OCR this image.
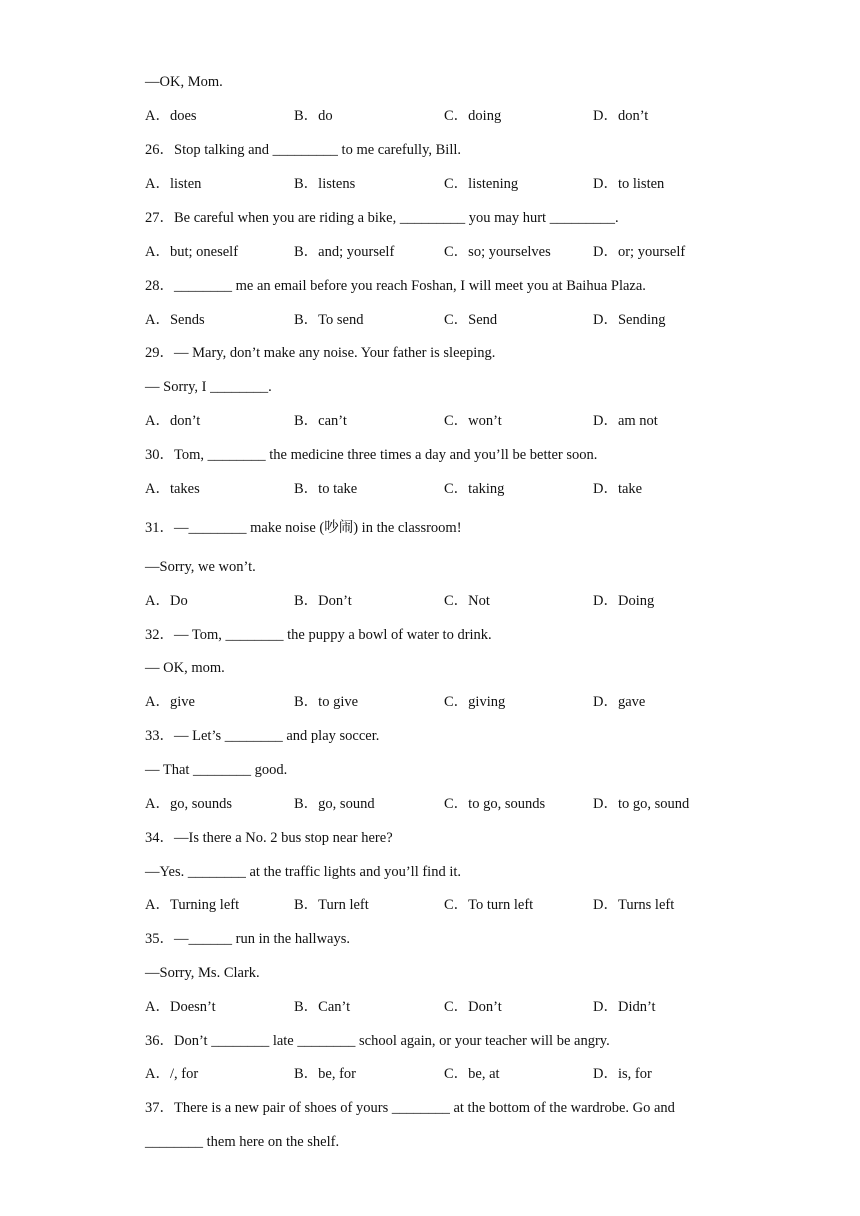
—OK, Mom.
A．does	B．do	C．doing	D．don’t
26．Stop talking and _________ to me carefully, Bill.
A．listen	B．listens	C．listening	D．to listen
27．Be careful when you are riding a bike, _________ you may hurt _________.
A．but; oneself	B．and; yourself	C．so; yourselves	D．or; yourself
28．________ me an email before you reach Foshan, I will meet you at Baihua Plaza.
A．Sends	B．To send	C．Send	D．Sending
29．— Mary, don’t make any noise. Your father is sleeping.
— Sorry, I ________.
A．don’t	B．can’t	C．won’t	D．am not
30．Tom, ________ the medicine three times a day and you’ll be better soon.
A．takes	B．to take	C．taking	D．take
31．—________ make noise (吵闹) in the classroom!
—Sorry, we won’t.
A．Do	B．Don’t	C．Not	D．Doing
32．— Tom, ________ the puppy a bowl of water to drink.
— OK, mom.
A．give	B．to give	C．giving	D．gave
33．— Let’s ________ and play soccer.
— That ________ good.
A．go, sounds	B．go, sound	C．to go, sounds	D．to go, sound
34．—Is there a No. 2 bus stop near here?
—Yes. ________ at the traffic lights and you’ll find it.
A．Turning left	B．Turn left	C．To turn left	D．Turns left
35．—______ run in the hallways.
—Sorry, Ms. Clark.
A．Doesn’t	B．Can’t	C．Don’t	D．Didn’t
36．Don’t ________ late ________ school again, or your teacher will be angry.
A．/, for	B．be, for	C．be, at	D．is, for
37．There is a new pair of shoes of yours ________ at the bottom of the wardrobe. Go and
________ them here on the shelf.
